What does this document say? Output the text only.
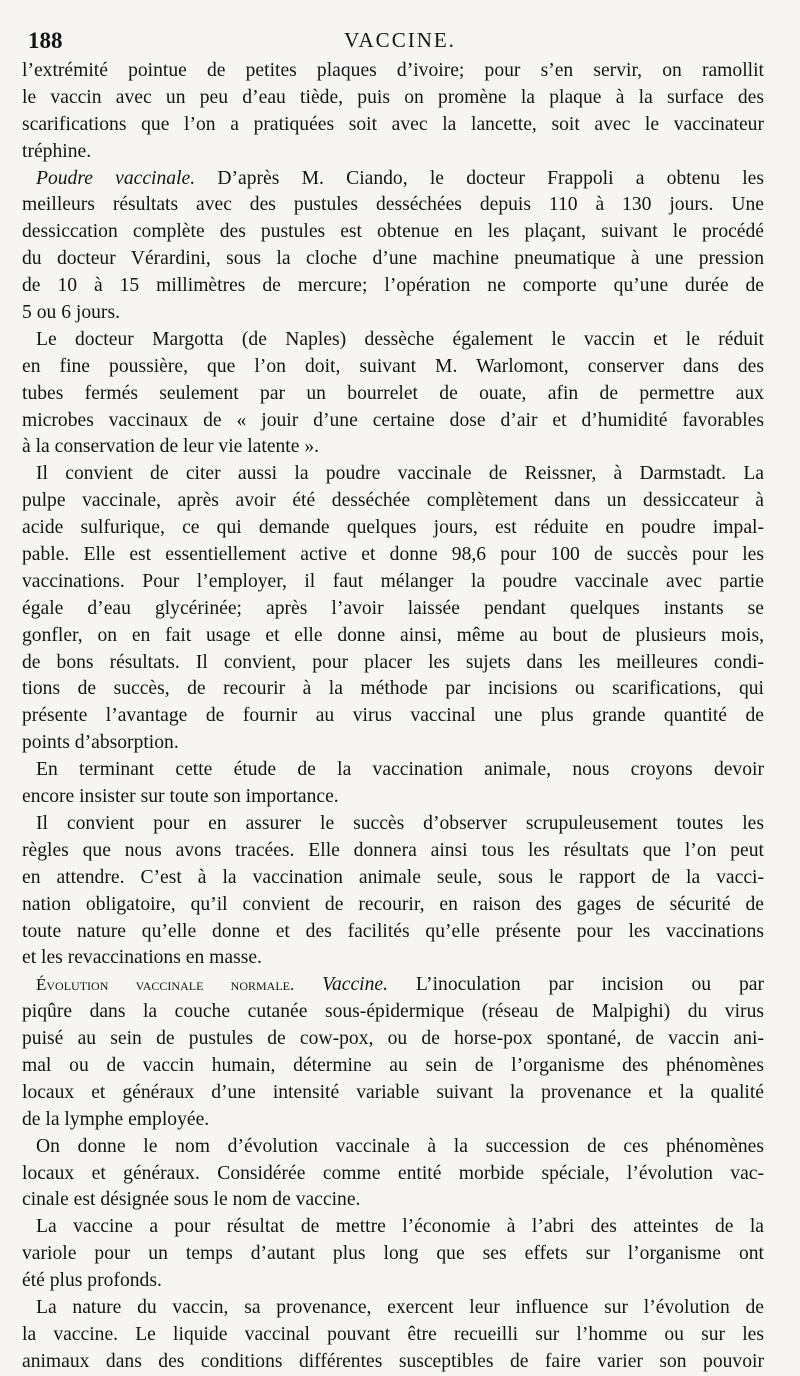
188	VACCINE.
l’extrémité pointue de petites plaques d’ivoire; pour s’en servir, on ramollit
le vaccin avec un peu d’eau tiède, puis on promène la plaque à la surface des
scarifications que l’on a pratiquées soit avec la lancette, soit avec le vaccinateur
tréphine.
Poudre vaccinale. D’après M. Ciando, le docteur Frappoli a obtenu les
meilleurs résultats avec des pustules desséchées depuis 110 à 130 jours. Une
dessiccation complète des pustules est obtenue en les plaçant, suivant le procédé
du docteur Vérardini, sous la cloche d’une machine pneumatique à une pression
de 10 à 15 millimètres de mercure; l’opération ne comporte qu’une durée de
5 ou 6 jours.
Le docteur Margotta (de Naples) dessèche également le vaccin et le réduit
en fine poussière, que l’on doit, suivant M. Warlomont, conserver dans des
tubes fermés seulement par un bourrelet de ouate, afin de permettre aux
microbes vaccinaux de « jouir d’une certaine dose d’air et d’humidité favorables
à la conservation de leur vie latente ».
Il convient de citer aussi la poudre vaccinale de Reissner, à Darmstadt. La
pulpe vaccinale, après avoir été desséchée complètement dans un dessiccateur à
acide sulfurique, ce qui demande quelques jours, est réduite en poudre impal-
pable. Elle est essentiellement active et donne 98,6 pour 100 de succès pour les
vaccinations. Pour l’employer, il faut mélanger la poudre vaccinale avec partie
égale d’eau glycérinée; après l’avoir laissée pendant quelques instants se
gonfler, on en fait usage et elle donne ainsi, même au bout de plusieurs mois,
de bons résultats. Il convient, pour placer les sujets dans les meilleures condi-
tions de succès, de recourir à la méthode par incisions ou scarifications, qui
présente l’avantage de fournir au virus vaccinal une plus grande quantité de
points d’absorption.
En terminant cette étude de la vaccination animale, nous croyons devoir
encore insister sur toute son importance.
Il convient pour en assurer le succès d’observer scrupuleusement toutes les
règles que nous avons tracées. Elle donnera ainsi tous les résultats que l’on peut
en attendre. C’est à la vaccination animale seule, sous le rapport de la vacci-
nation obligatoire, qu’il convient de recourir, en raison des gages de sécurité de
toute nature qu’elle donne et des facilités qu’elle présente pour les vaccinations
et les revaccinations en masse.
Évolution vaccinale normale. Vaccine. L’inoculation par incision ou par
piqûre dans la couche cutanée sous-épidermique (réseau de Malpighi) du virus
puisé au sein de pustules de cow-pox, ou de horse-pox spontané, de vaccin ani-
mal ou de vaccin humain, détermine au sein de l’organisme des phénomènes
locaux et généraux d’une intensité variable suivant la provenance et la qualité
de la lymphe employée.
On donne le nom d’évolution vaccinale à la succession de ces phénomènes
locaux et généraux. Considérée comme entité morbide spéciale, l’évolution vac-
cinale est désignée sous le nom de vaccine.
La vaccine a pour résultat de mettre l’économie à l’abri des atteintes de la
variole pour un temps d’autant plus long que ses effets sur l’organisme ont
été plus profonds.
La nature du vaccin, sa provenance, exercent leur influence sur l’évolution de
la vaccine. Le liquide vaccinal pouvant être recueilli sur l’homme ou sur les
animaux dans des conditions différentes susceptibles de faire varier son pouvoir
